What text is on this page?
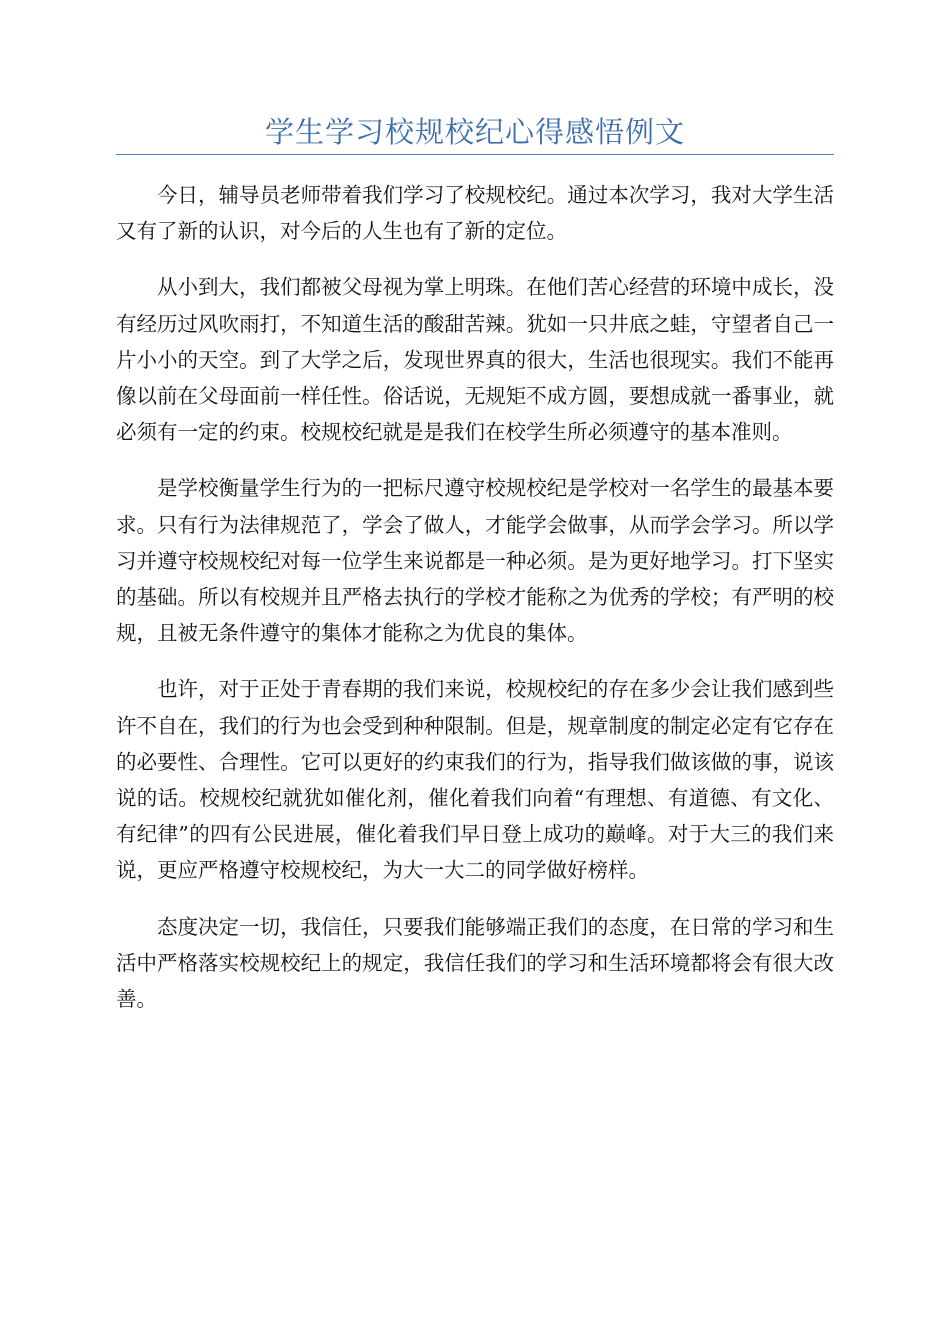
学生学习校规校纪心得感悟例文

今日，辅导员老师带着我们学习了校规校纪。通过本次学习，我对大学生活又有了新的认识，对今后的人生也有了新的定位。

从小到大，我们都被父母视为掌上明珠。在他们苦心经营的环境中成长，没有经历过风吹雨打，不知道生活的酸甜苦辣。犹如一只井底之蛙，守望者自己一片小小的天空。到了大学之后，发现世界真的很大，生活也很现实。我们不能再像以前在父母面前一样任性。俗话说，无规矩不成方圆，要想成就一番事业，就必须有一定的约束。校规校纪就是是我们在校学生所必须遵守的基本准则。

是学校衡量学生行为的一把标尺遵守校规校纪是学校对一名学生的最基本要求。只有行为法律规范了，学会了做人，才能学会做事，从而学会学习。所以学习并遵守校规校纪对每一位学生来说都是一种必须。是为更好地学习。打下坚实的基础。所以有校规并且严格去执行的学校才能称之为优秀的学校；有严明的校规，且被无条件遵守的集体才能称之为优良的集体。

也许，对于正处于青春期的我们来说，校规校纪的存在多少会让我们感到些许不自在，我们的行为也会受到种种限制。但是，规章制度的制定必定有它存在的必要性、合理性。它可以更好的约束我们的行为，指导我们做该做的事，说该说的话。校规校纪就犹如催化剂，催化着我们向着“有理想、有道德、有文化、有纪律”的四有公民进展，催化着我们早日登上成功的巅峰。对于大三的我们来说，更应严格遵守校规校纪，为大一大二的同学做好榜样。

态度决定一切，我信任，只要我们能够端正我们的态度，在日常的学习和生活中严格落实校规校纪上的规定，我信任我们的学习和生活环境都将会有很大改善。
